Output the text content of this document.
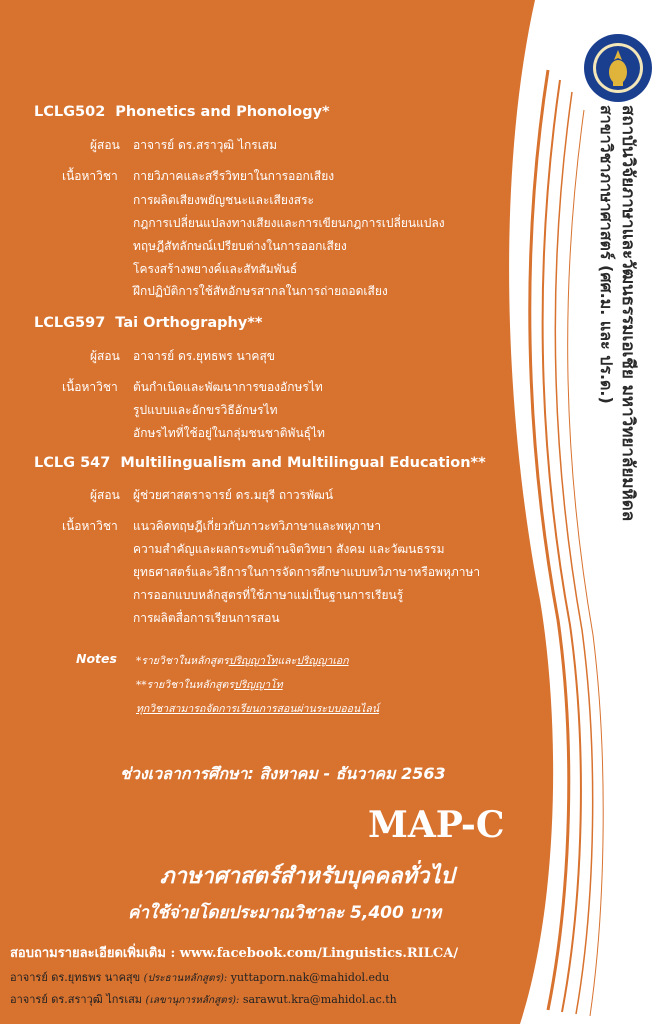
สถาบันวิจัยภาษาและวัฒนธรรมเอเชีย มหาวิทยาลัยมหิดล
สาขาวิชาภาษาศาสตร์ (ศศ.ม. และ ปร.ด.)
LCLG502 Phonetics and Phonology*
ผู้สอน อาจารย์ ดร.สราวุฒิ ไกรเสม
เนื้อหาวิชา กายวิภาคและสรีรวิทยาในการออกเสียง
การผลิตเสียงพยัญชนะและเสียงสระ
กฎการเปลี่ยนแปลงทางเสียงและการเขียนกฎการเปลี่ยนแปลง
ทฤษฎีสัทลักษณ์เปรียบต่างในการออกเสียง
โครงสร้างพยางค์และสัทสัมพันธ์
ฝึกปฏิบัติการใช้สัทอักษรสากลในการถ่ายถอดเสียง
LCLG597 Tai Orthography**
ผู้สอน อาจารย์ ดร.ยุทธพร นาคสุข
เนื้อหาวิชา ต้นกำเนิดและพัฒนาการของอักษรไท
รูปแบบและอักขรวิธีอักษรไท
อักษรไทที่ใช้อยู่ในกลุ่มชนชาติพันธุ์ไท
LCLG 547 Multilingualism and Multilingual Education**
ผู้สอน ผู้ช่วยศาสตราจารย์ ดร.มยุรี ถาวรพัฒน์
เนื้อหาวิชา แนวคิดทฤษฎีเกี่ยวกับภาวะทวิภาษาและพหุภาษา
ความสำคัญและผลกระทบด้านจิตวิทยา สังคม และวัฒนธรรม
ยุทธศาสตร์และวิธีการในการจัดการศึกษาแบบทวิภาษาหรือพหุภาษา
การออกแบบหลักสูตรที่ใช้ภาษาแม่เป็นฐานการเรียนรู้
การผลิตสื่อการเรียนการสอน
Notes *รายวิชาในหลักสูตรปริญญาโทและปริญญาเอก
**รายวิชาในหลักสูตรปริญญาโท
ทุกวิชาสามารถจัดการเรียนการสอนผ่านระบบออนไลน์
ช่วงเวลาการศึกษา: สิงหาคม - ธันวาคม 2563
MAP-C
ภาษาศาสตร์สำหรับบุคคลทั่วไป
ค่าใช้จ่ายโดยประมาณวิชาละ 5,400 บาท
สอบถามรายละเอียดเพิ่มเติม : www.facebook.com/Linguistics.RILCA/
อาจารย์ ดร.ยุทธพร นาคสุข (ประธานหลักสูตร): yuttaporn.nak@mahidol.edu
อาจารย์ ดร.สราวุฒิ ไกรเสม (เลขานุการหลักสูตร): sarawut.kra@mahidol.ac.th
